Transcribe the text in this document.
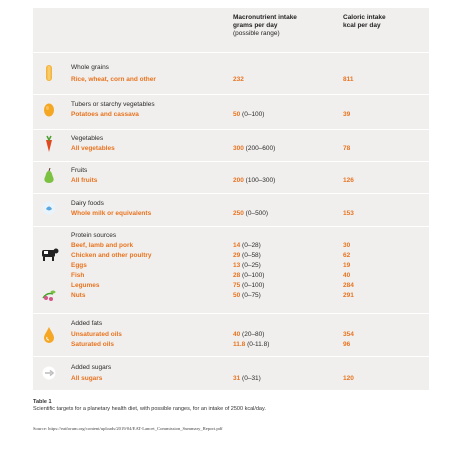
Macronutrient intake
grams per day
(possible range)
Caloric intake
kcal per day
Whole grains
Rice, wheat, corn and other	232	811
Tubers or starchy vegetables
Potatoes and cassava	50 (0–100)	39
Vegetables
All vegetables	300 (200–600)	78
Fruits
All fruits	200 (100–300)	126
Dairy foods
Whole milk or equivalents	250 (0–500)	153
Protein sources
Beef, lamb and pork	14 (0–28)	30
Chicken and other poultry	29 (0–58)	62
Eggs	13 (0–25)	19
Fish	28 (0–100)	40
Legumes	75 (0–100)	284
Nuts	50 (0–75)	291
Added fats
Unsaturated oils	40 (20–80)	354
Saturated oils	11.8 (0-11.8)	96
Added sugars
All sugars	31 (0–31)	120
Table 1
Scientific targets for a planetary health diet, with possible ranges, for an intake of 2500 kcal/day.
Source: https://eatforum.org/content/uploads/2019/04/EAT-Lancet_Commission_Summary_Report.pdf
